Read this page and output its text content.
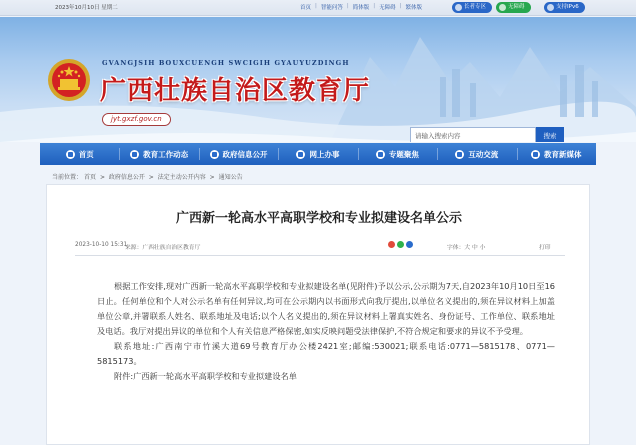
2023年10月10日 星期二	首页 | 智能问答 | 简体版 | 无障碍 | 繁体版	长者专区	无障碍	支持IPv6
GVANGJSIH BOUXCUENGH SWCIGIH GYAUYUZDINGH
广西壮族自治区教育厅
jyt.gxzf.gov.cn
请输入搜索内容	搜索
首页	教育工作动态	政府信息公开	网上办事	专题聚焦	互动交流	教育新媒体
当前位置： 首页 > 政府信息公开 > 法定主动公开内容 > 通知公告
广西新一轮高水平高职学校和专业拟建设名单公示
2023-10-10 15:31
来源：广西壮族自治区教育厅	字体：大 中 小	打印

根据工作安排,现对广西新一轮高水平高职学校和专业拟建设名单(见附件)予以公示,公示期为7天,自2023年10月10日至16日止。任何单位和个人对公示名单有任何异议,均可在公示期内以书面形式向我厅提出,以单位名义提出的,须在异议材料上加盖单位公章,并署联系人姓名、联系地址及电话;以个人名义提出的,须在异议材料上署真实姓名、身份证号、工作单位、联系地址及电话。我厅对提出异议的单位和个人有关信息严格保密,如实反映问题受法律保护,不符合规定和要求的异议不予受理。

联系地址:广西南宁市竹溪大道69号教育厅办公楼2421室;邮编:530021;联系电话:0771—5815178、0771—5815173。

附件:广西新一轮高水平高职学校和专业拟建设名单
